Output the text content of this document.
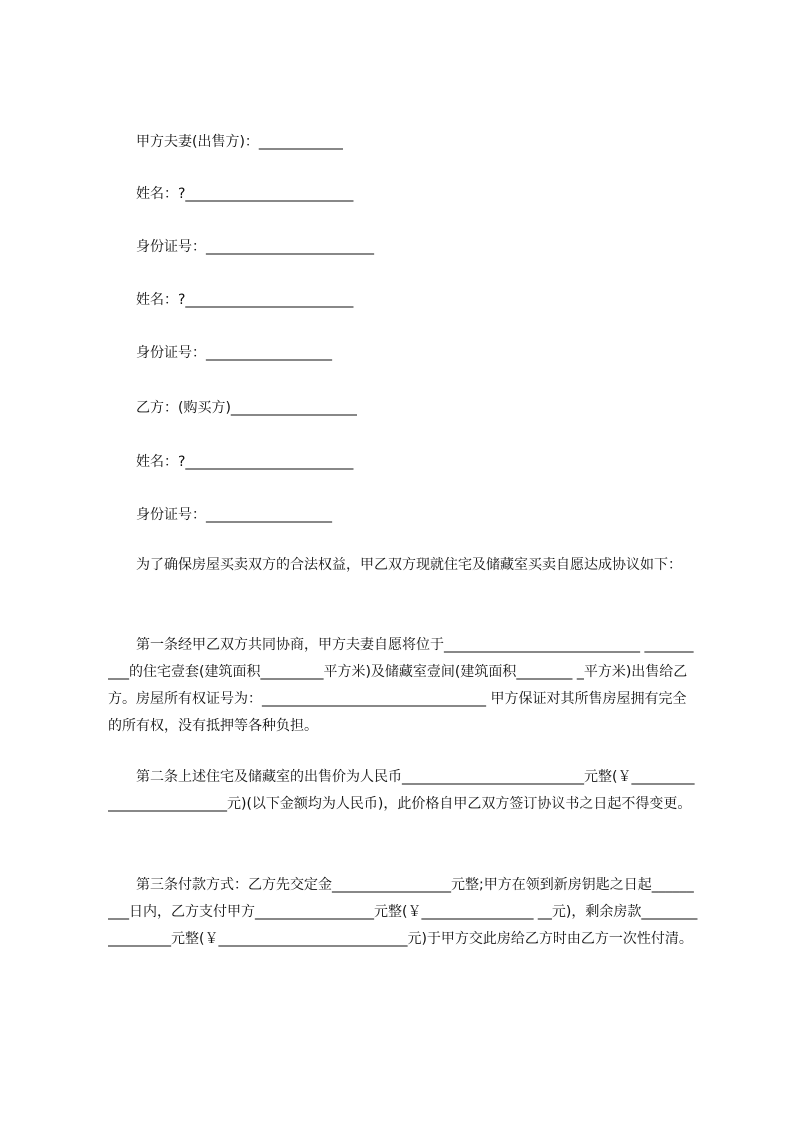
甲方夫妻(出售方)：____________
姓名：?________________________
身份证号：________________________
姓名：?________________________
身份证号：__________________
乙方：(购买方)__________________
姓名：?________________________
身份证号：__________________
为了确保房屋买卖双方的合法权益，甲乙双方现就住宅及储藏室买卖自愿达成协议如下：
第一条经甲乙双方共同协商，甲方夫妻自愿将位于____________________________ __________的住宅壹套(建筑面积_________平方米)及储藏室壹间(建筑面积________ _平方米)出售给乙方。房屋所有权证号为：________________________________ 甲方保证对其所售房屋拥有完全的所有权，没有抵押等各种负担。
第二条上述住宅及储藏室的出售价为人民币__________________________元整(￥__________________________元)(以下金额均为人民币)，此价格自甲乙双方签订协议书之日起不得变更。
第三条付款方式：乙方先交定金_________________元整;甲方在领到新房钥匙之日起_________日内，乙方支付甲方_________________元整(￥________________ __元)，剩余房款_________________元整(￥___________________________元)于甲方交此房给乙方时由乙方一次性付清。
